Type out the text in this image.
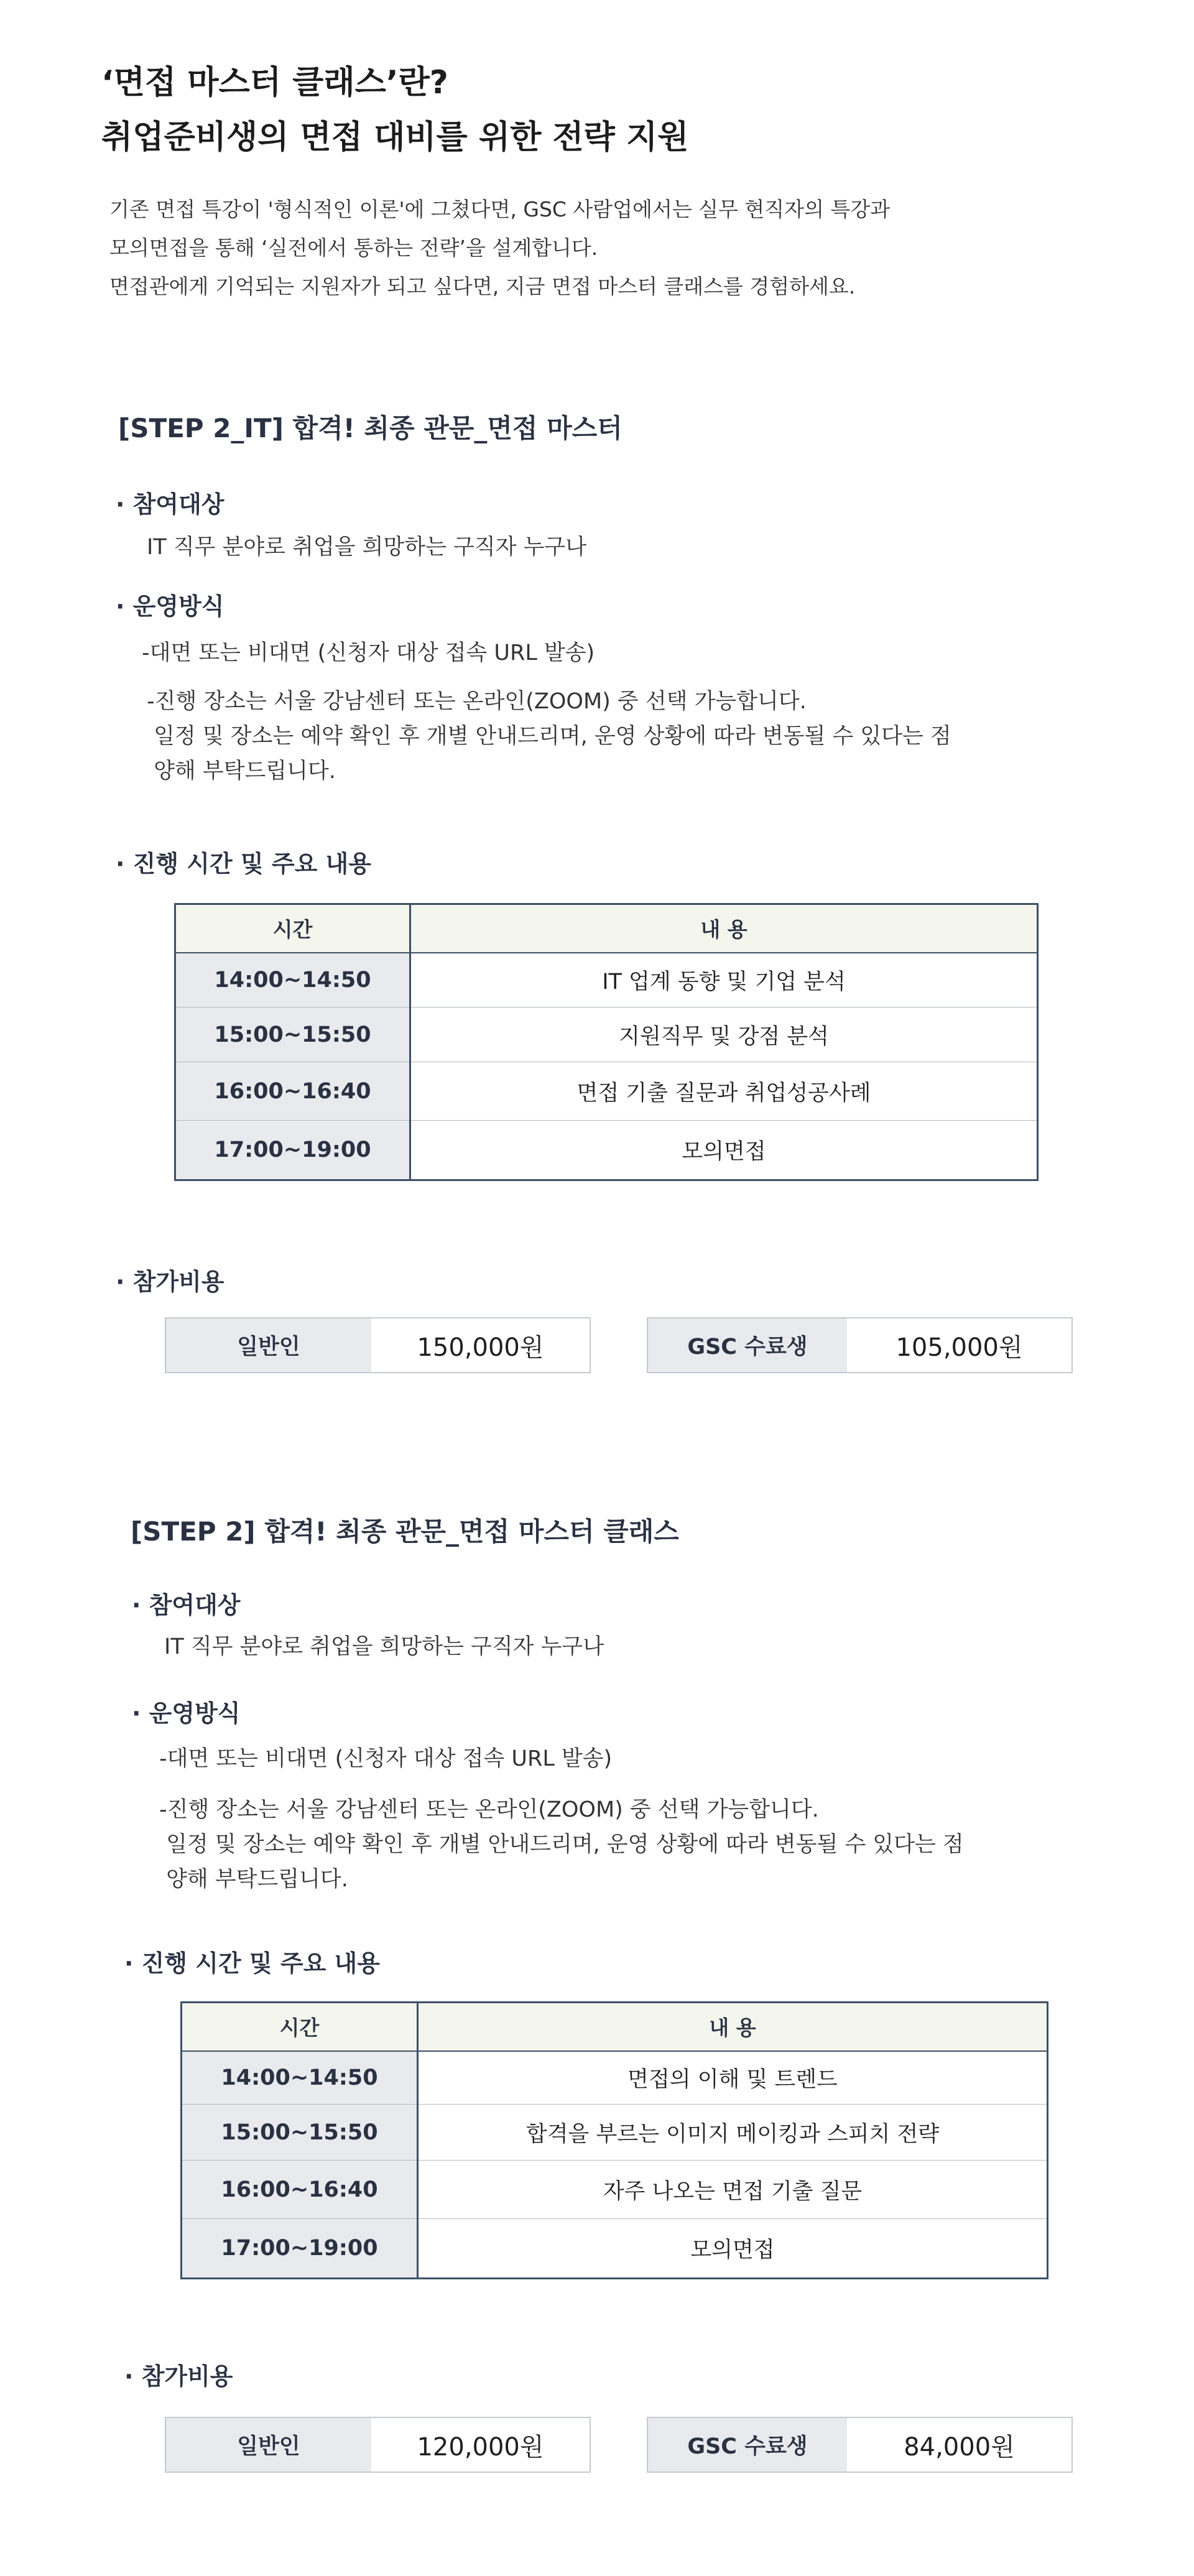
‘면접 마스터 클래스’란?
취업준비생의 면접 대비를 위한 전략 지원
기존 면접 특강이 '형식적인 이론'에 그쳤다면, GSC 사람업에서는 실무 현직자의 특강과
모의면접을 통해 ‘실전에서 통하는 전략’을 설계합니다.
면접관에게 기억되는 지원자가 되고 싶다면, 지금 면접 마스터 클래스를 경험하세요.
[STEP 2_IT] 합격! 최종 관문_면접 마스터
· 참여대상
IT 직무 분야로 취업을 희망하는 구직자 누구나
· 운영방식
-대면 또는 비대면 (신청자 대상 접속 URL 발송)
-진행 장소는 서울 강남센터 또는 온라인(ZOOM) 중 선택 가능합니다.
일정 및 장소는 예약 확인 후 개별 안내드리며, 운영 상황에 따라 변동될 수 있다는 점
양해 부탁드립니다.
· 진행 시간 및 주요 내용
시간	내 용
14:00~14:50	IT 업계 동향 및 기업 분석
15:00~15:50	지원직무 및 강점 분석
16:00~16:40	면접 기출 질문과 취업성공사례
17:00~19:00	모의면접
· 참가비용
일반인	150,000원	GSC 수료생	105,000원
[STEP 2] 합격! 최종 관문_면접 마스터 클래스
· 참여대상
IT 직무 분야로 취업을 희망하는 구직자 누구나
· 운영방식
-대면 또는 비대면 (신청자 대상 접속 URL 발송)
-진행 장소는 서울 강남센터 또는 온라인(ZOOM) 중 선택 가능합니다.
일정 및 장소는 예약 확인 후 개별 안내드리며, 운영 상황에 따라 변동될 수 있다는 점
양해 부탁드립니다.
· 진행 시간 및 주요 내용
시간	내 용
14:00~14:50	면접의 이해 및 트렌드
15:00~15:50	합격을 부르는 이미지 메이킹과 스피치 전략
16:00~16:40	자주 나오는 면접 기출 질문
17:00~19:00	모의면접
· 참가비용
일반인	120,000원	GSC 수료생	84,000원
